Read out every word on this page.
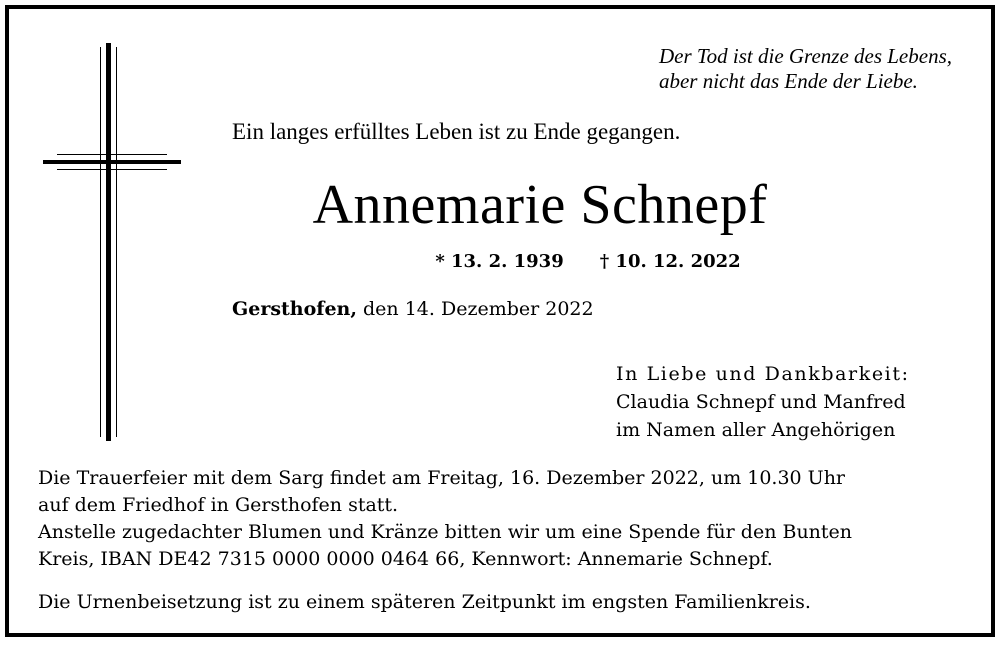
Der Tod ist die Grenze des Lebens,
aber nicht das Ende der Liebe.
Ein langes erfülltes Leben ist zu Ende gegangen.
Annemarie Schnepf
* 13. 2. 1939 † 10. 12. 2022
Gersthofen, den 14. Dezember 2022
In Liebe und Dankbarkeit:
Claudia Schnepf und Manfred
im Namen aller Angehörigen
Die Trauerfeier mit dem Sarg findet am Freitag, 16. Dezember 2022, um 10.30 Uhr
auf dem Friedhof in Gersthofen statt.
Anstelle zugedachter Blumen und Kränze bitten wir um eine Spende für den Bunten
Kreis, IBAN DE42 7315 0000 0000 0464 66, Kennwort: Annemarie Schnepf.
Die Urnenbeisetzung ist zu einem späteren Zeitpunkt im engsten Familienkreis.
